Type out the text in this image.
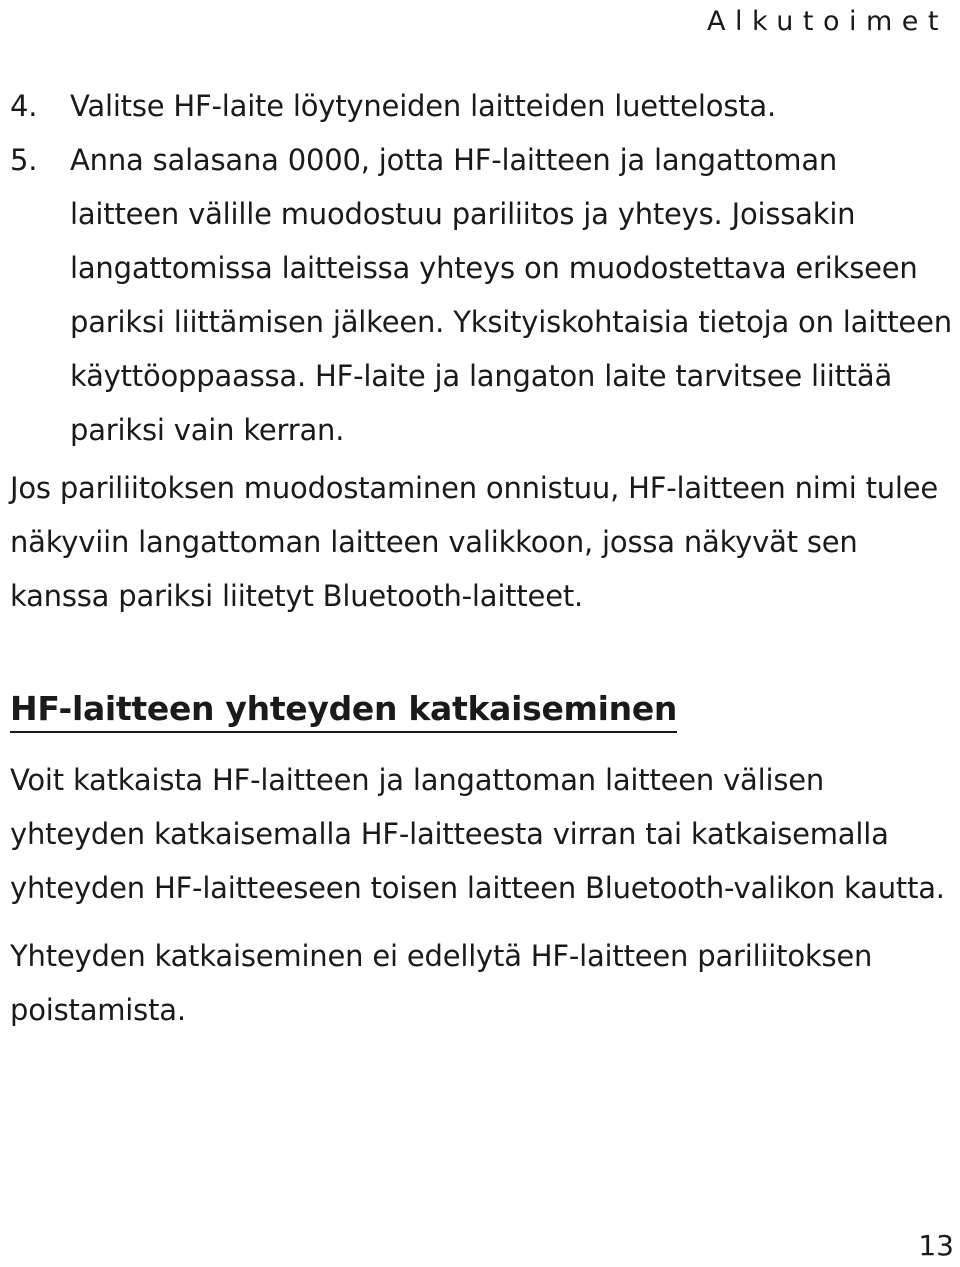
Alkutoimet
4.	Valitse HF-laite löytyneiden laitteiden luettelosta.
5.	Anna salasana 0000, jotta HF-laitteen ja langattoman laitteen välille muodostuu pariliitos ja yhteys. Joissakin langattomissa laitteissa yhteys on muodostettava erikseen pariksi liittämisen jälkeen. Yksityiskohtaisia tietoja on laitteen käyttöoppaassa. HF-laite ja langaton laite tarvitsee liittää pariksi vain kerran.

Jos pariliitoksen muodostaminen onnistuu, HF-laitteen nimi tulee näkyviin langattoman laitteen valikkoon, jossa näkyvät sen kanssa pariksi liitetyt Bluetooth-laitteet.

HF-laitteen yhteyden katkaiseminen

Voit katkaista HF-laitteen ja langattoman laitteen välisen yhteyden katkaisemalla HF-laitteesta virran tai katkaisemalla yhteyden HF-laitteeseen toisen laitteen Bluetooth-valikon kautta.

Yhteyden katkaiseminen ei edellytä HF-laitteen pariliitoksen poistamista.

13
